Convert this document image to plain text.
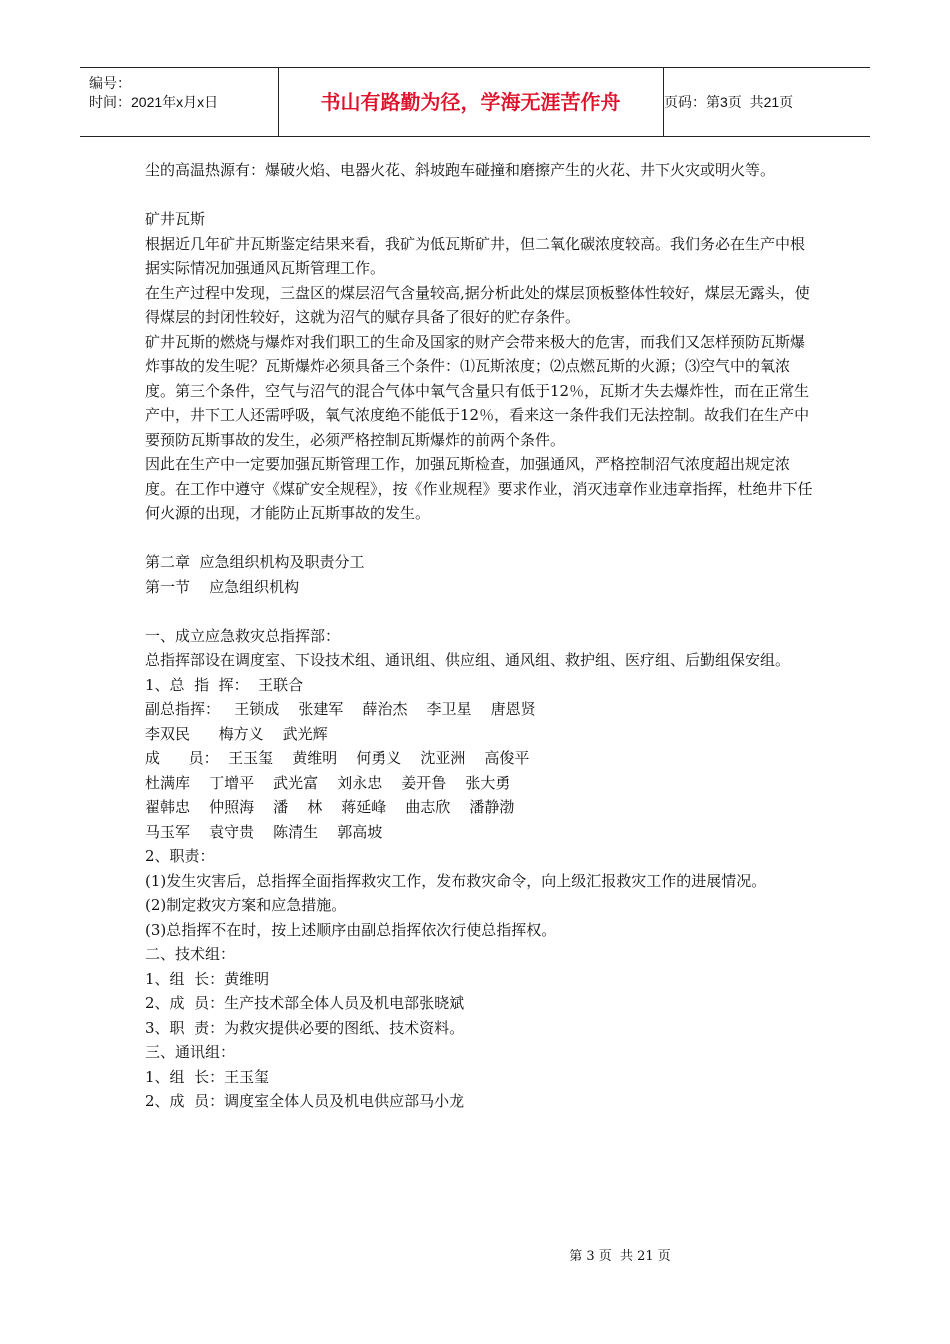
编号：
时间：2021年x月x日	书山有路勤为径，学海无涯苦作舟	页码：第3页  共21页

尘的高温热源有：爆破火焰、电器火花、斜坡跑车碰撞和磨擦产生的火花、井下火灾或明火等。

矿井瓦斯

根据近几年矿井瓦斯鉴定结果来看，我矿为低瓦斯矿井，但二氧化碳浓度较高。我们务必在生产中根据实际情况加强通风瓦斯管理工作。

在生产过程中发现，三盘区的煤层沼气含量较高,据分析此处的煤层顶板整体性较好，煤层无露头，使得煤层的封闭性较好，这就为沼气的赋存具备了很好的贮存条件。

矿井瓦斯的燃烧与爆炸对我们职工的生命及国家的财产会带来极大的危害，而我们又怎样预防瓦斯爆炸事故的发生呢？瓦斯爆炸必须具备三个条件：⑴瓦斯浓度；⑵点燃瓦斯的火源；⑶空气中的氧浓度。第三个条件，空气与沼气的混合气体中氧气含量只有低于12％，瓦斯才失去爆炸性，而在正常生产中，井下工人还需呼吸，氧气浓度绝不能低于12％，看来这一条件我们无法控制。故我们在生产中要预防瓦斯事故的发生，必须严格控制瓦斯爆炸的前两个条件。

因此在生产中一定要加强瓦斯管理工作，加强瓦斯检查，加强通风，严格控制沼气浓度超出规定浓度。在工作中遵守《煤矿安全规程》，按《作业规程》要求作业，消灭违章作业违章指挥，杜绝井下任何火源的出现，才能防止瓦斯事故的发生。

第二章  应急组织机构及职责分工

第一节    应急组织机构

一、成立应急救灾总指挥部：

总指挥部设在调度室、下设技术组、通讯组、供应组、通风组、救护组、医疗组、后勤组保安组。

1、总  指  挥：  王联合

副总指挥：   王锁成    张建军    薛治杰    李卫星    唐恩贤

李双民      梅方义    武光辉

成      员：  王玉玺    黄维明    何勇义    沈亚洲    高俊平

杜满库    丁增平    武光富    刘永忠    姜开鲁    张大勇

翟韩忠    仲照海    潘    林    蒋延峰    曲志欣    潘静渤

马玉军    袁守贵    陈清生    郭高坡

2、职责：

(1)发生灾害后，总指挥全面指挥救灾工作，发布救灾命令，向上级汇报救灾工作的进展情况。

(2)制定救灾方案和应急措施。

(3)总指挥不在时，按上述顺序由副总指挥依次行使总指挥权。

二、技术组：

1、组  长：黄维明

2、成  员：生产技术部全体人员及机电部张晓斌

3、职  责：为救灾提供必要的图纸、技术资料。

三、通讯组：

1、组  长：王玉玺

2、成  员：调度室全体人员及机电供应部马小龙

第 3 页  共 21 页
